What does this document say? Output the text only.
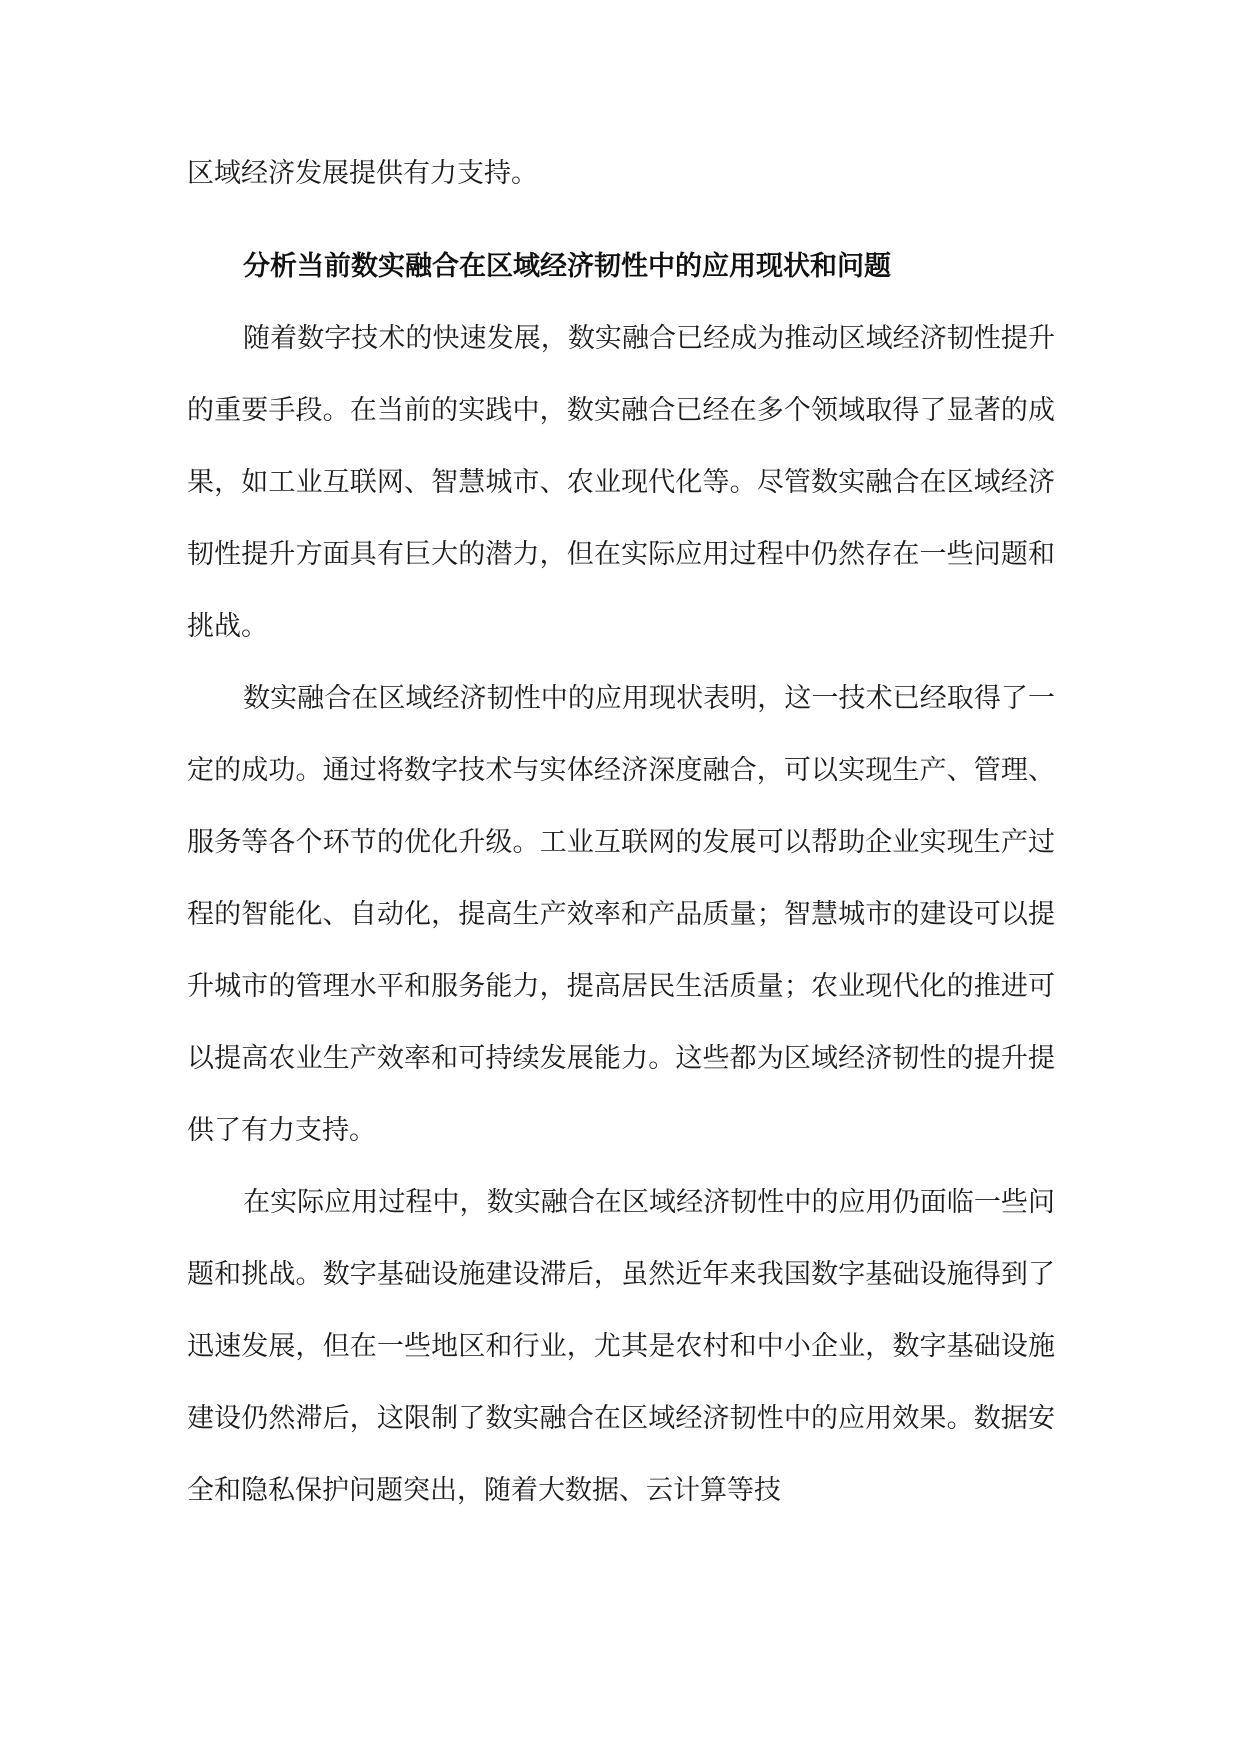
区域经济发展提供有力支持。

分析当前数实融合在区域经济韧性中的应用现状和问题

随着数字技术的快速发展，数实融合已经成为推动区域经济韧性提升的重要手段。在当前的实践中，数实融合已经在多个领域取得了显著的成果，如工业互联网、智慧城市、农业现代化等。尽管数实融合在区域经济韧性提升方面具有巨大的潜力，但在实际应用过程中仍然存在一些问题和挑战。

数实融合在区域经济韧性中的应用现状表明，这一技术已经取得了一定的成功。通过将数字技术与实体经济深度融合，可以实现生产、管理、服务等各个环节的优化升级。工业互联网的发展可以帮助企业实现生产过程的智能化、自动化，提高生产效率和产品质量；智慧城市的建设可以提升城市的管理水平和服务能力，提高居民生活质量；农业现代化的推进可以提高农业生产效率和可持续发展能力。这些都为区域经济韧性的提升提供了有力支持。

在实际应用过程中，数实融合在区域经济韧性中的应用仍面临一些问题和挑战。数字基础设施建设滞后，虽然近年来我国数字基础设施得到了迅速发展，但在一些地区和行业，尤其是农村和中小企业，数字基础设施建设仍然滞后，这限制了数实融合在区域经济韧性中的应用效果。数据安全和隐私保护问题突出，随着大数据、云计算等技
